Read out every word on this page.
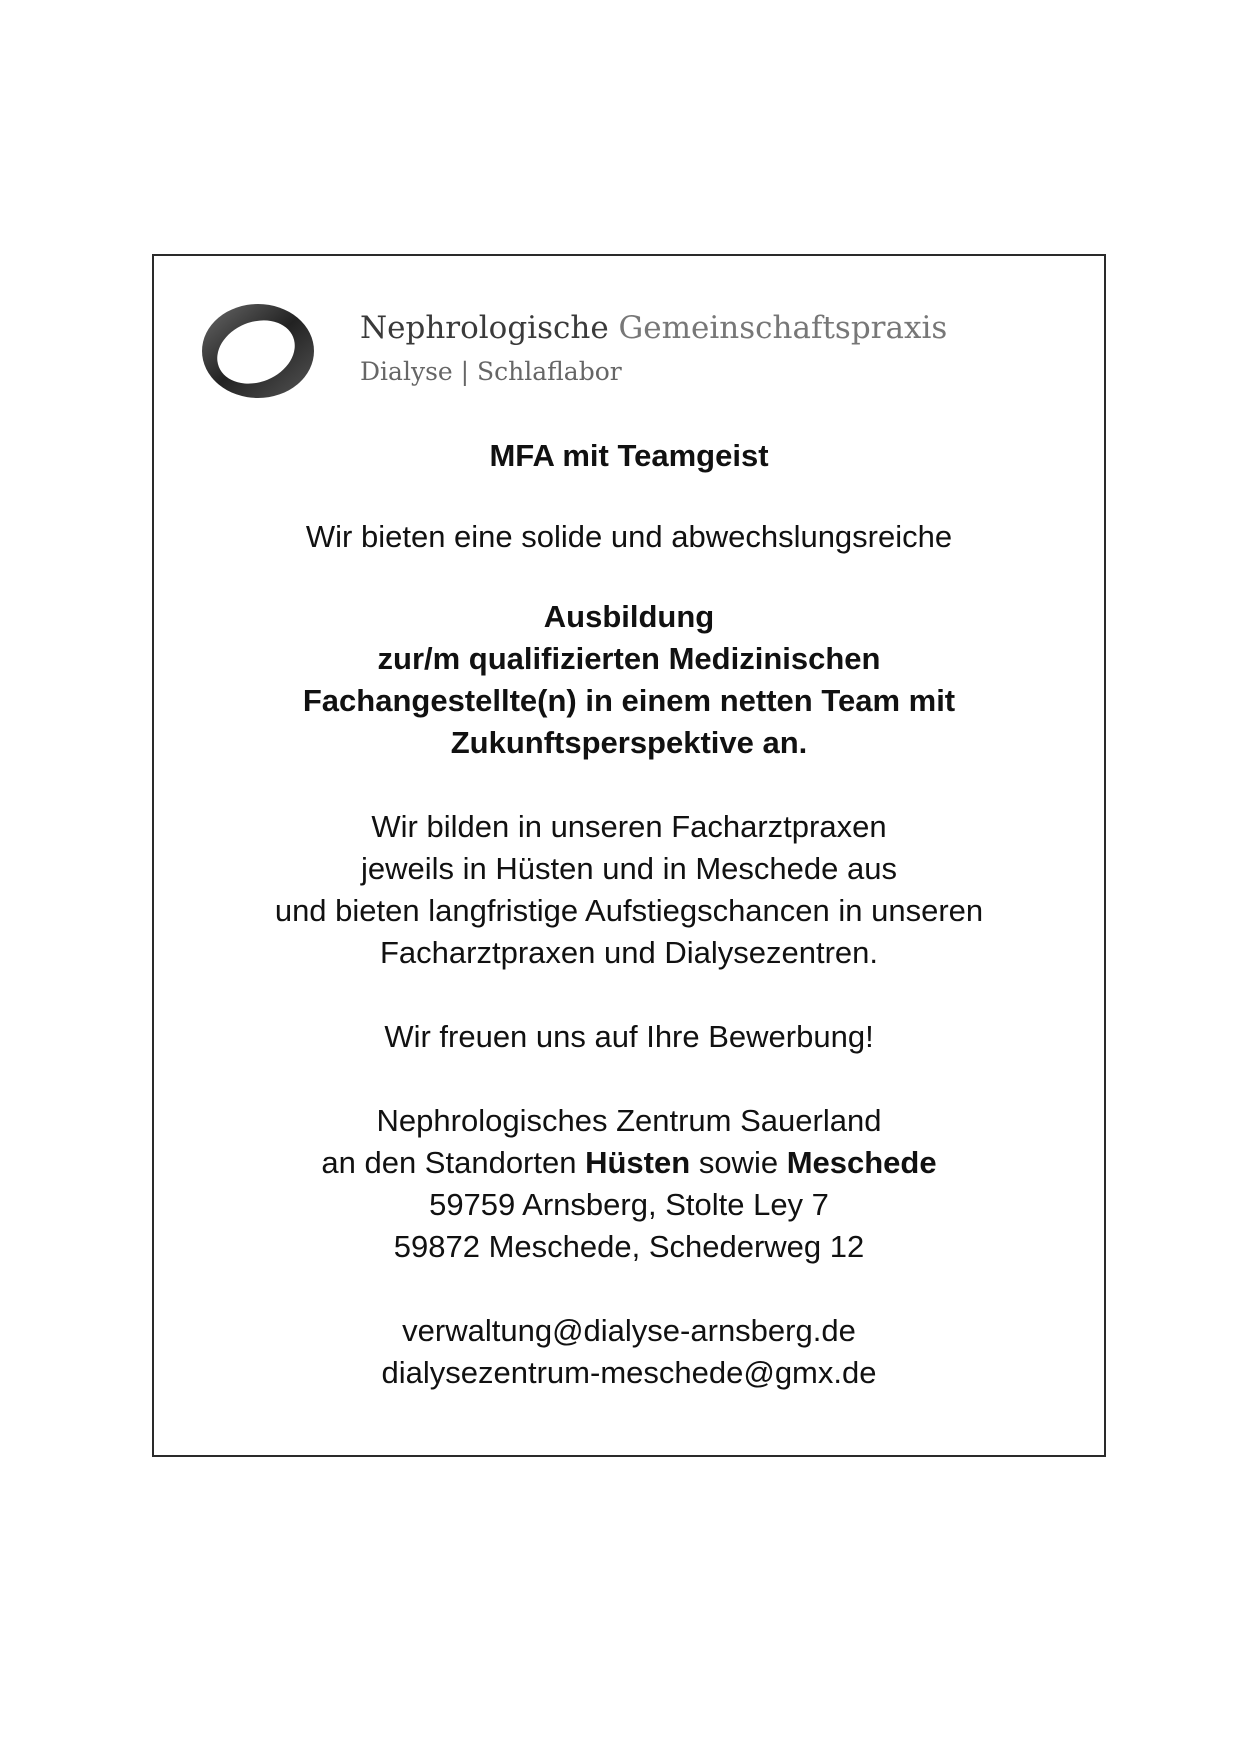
Nephrologische Gemeinschaftspraxis
Dialyse | Schlaflabor

MFA mit Teamgeist

Wir bieten eine solide und abwechslungsreiche

Ausbildung
zur/m qualifizierten Medizinischen
Fachangestellte(n) in einem netten Team mit
Zukunftsperspektive an.
Wir bilden in unseren Facharztpraxen
jeweils in Hüsten und in Meschede aus
und bieten langfristige Aufstiegschancen in unseren
Facharztpraxen und Dialysezentren.

Wir freuen uns auf Ihre Bewerbung!

Nephrologisches Zentrum Sauerland
an den Standorten Hüsten sowie Meschede
59759 Arnsberg, Stolte Ley 7
59872 Meschede, Schederweg 12
verwaltung@dialyse-arnsberg.de
dialysezentrum-meschede@gmx.de
